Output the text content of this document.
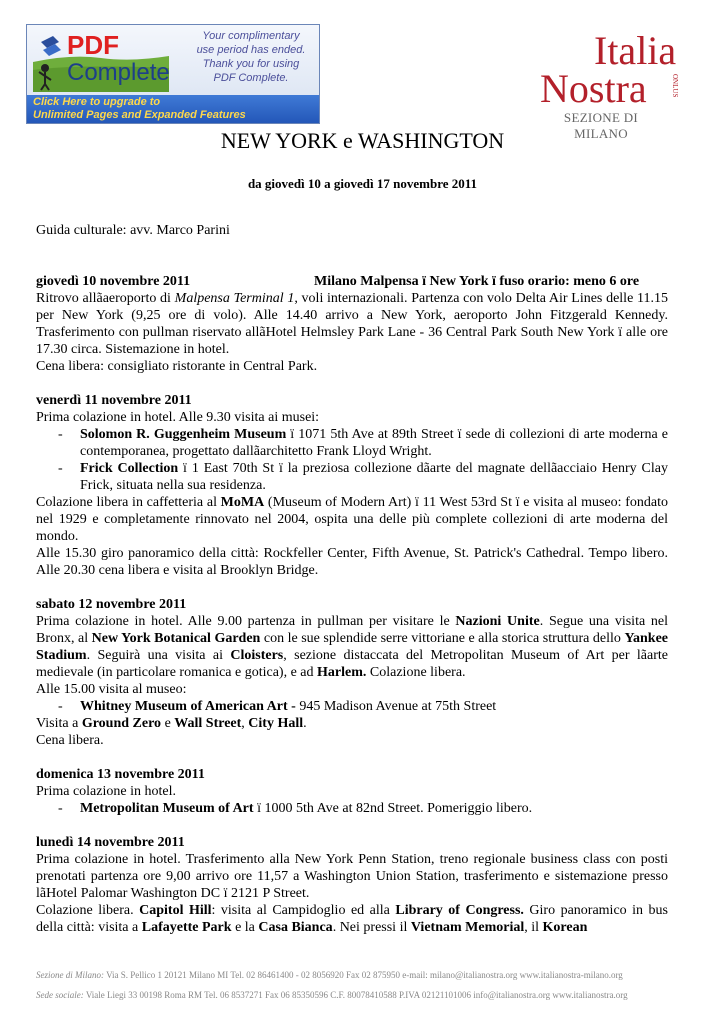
PDF
Complete
Your complimentary
use period has ended.
Thank you for using
PDF Complete.
Click Here to upgrade to
Unlimited Pages and Expanded Features
Italia
Nostra	ONLUS
SEZIONE DI MILANO
NEW YORK e WASHINGTON
da giovedì 10 a giovedì 17 novembre 2011
Guida culturale: avv. Marco Parini
giovedì 10 novembre 2011	Milano Malpensa ï New York ï fuso orario: meno 6 ore

Ritrovo allãaeroporto di Malpensa Terminal 1, voli internazionali. Partenza con volo Delta Air Lines delle 11.15 per New York (9,25 ore di volo). Alle 14.40 arrivo a New York, aeroporto John Fitzgerald Kennedy. Trasferimento con pullman riservato allãHotel Helmsley Park Lane - 36 Central Park South New York ï alle ore 17.30 circa. Sistemazione in hotel.

Cena libera: consigliato ristorante in Central Park.

venerdì 11 novembre 2011

Prima colazione in hotel. Alle 9.30 visita ai musei:

- Solomon R. Guggenheim Museum ï 1071 5th Ave at 89th Street ï sede di collezioni di arte moderna e contemporanea, progettato dallãarchitetto Frank Lloyd Wright.
- Frick Collection ï 1 East 70th St ï la preziosa collezione dãarte del magnate dellãacciaio Henry Clay Frick, situata nella sua residenza.

Colazione libera in caffetteria al MoMA (Museum of Modern Art) ï 11 West 53rd St ï e visita al museo: fondato nel 1929 e completamente rinnovato nel 2004, ospita una delle più complete collezioni di arte moderna del mondo.

Alle 15.30 giro panoramico della città: Rockfeller Center, Fifth Avenue, St. Patrick's Cathedral. Tempo libero. Alle 20.30 cena libera e visita al Brooklyn Bridge.

sabato 12 novembre 2011

Prima colazione in hotel. Alle 9.00 partenza in pullman per visitare le Nazioni Unite. Segue una visita nel Bronx, al New York Botanical Garden con le sue splendide serre vittoriane e alla storica struttura dello Yankee Stadium. Seguirà una visita ai Cloisters, sezione distaccata del Metropolitan Museum of Art per lãarte medievale (in particolare romanica e gotica), e ad Harlem. Colazione libera.

Alle 15.00 visita al museo:

- Whitney Museum of American Art - 945 Madison Avenue at 75th Street

Visita a Ground Zero e Wall Street, City Hall.

Cena libera.

domenica 13 novembre 2011

Prima colazione in hotel.

- Metropolitan Museum of Art ï 1000 5th Ave at 82nd Street. Pomeriggio libero.

lunedì 14 novembre 2011

Prima colazione in hotel. Trasferimento alla New York Penn Station, treno regionale business class con posti prenotati partenza ore 9,00 arrivo ore 11,57 a Washington Union Station, trasferimento e sistemazione presso lãHotel Palomar Washington DC ï 2121 P Street.

Colazione libera. Capitol Hill: visita al Campidoglio ed alla Library of Congress. Giro panoramico in bus della città: visita a Lafayette Park e la Casa Bianca. Nei pressi il Vietnam Memorial, il Korean

Sezione di Milano: Via S. Pellico 1 20121 Milano MI Tel. 02 86461400 - 02 8056920 Fax 02 875950 e-mail: milano@italianostra.org www.italianostra-milano.org
Sede sociale: Viale Liegi 33 00198 Roma RM Tel. 06 8537271 Fax 06 85350596 C.F. 80078410588 P.IVA 02121101006 info@italianostra.org www.italianostra.org
